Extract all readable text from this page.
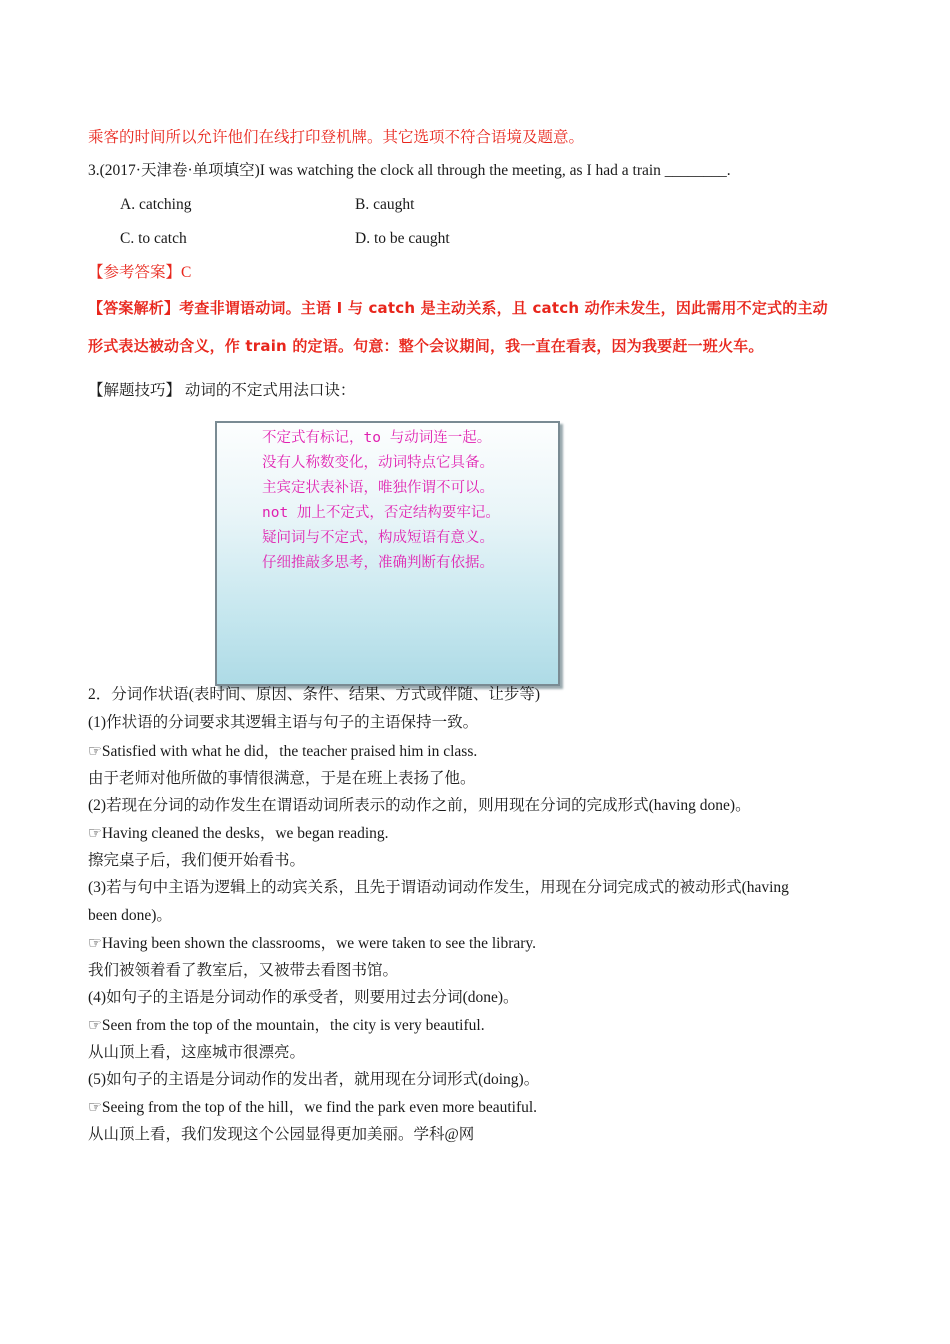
乘客的时间所以允许他们在线打印登机牌。其它选项不符合语境及题意。
3.(2017·天津卷·单项填空)I was watching the clock all through the meeting, as I had a train ________.
A. catching	B. caught
C. to catch	D. to be caught
【参考答案】C
【答案解析】考查非谓语动词。主语 I 与 catch 是主动关系，且 catch 动作未发生，因此需用不定式的主动
形式表达被动含义，作 train 的定语。句意：整个会议期间，我一直在看表，因为我要赶一班火车。
【解题技巧】 动词的不定式用法口诀：
不定式有标记，to 与动词连一起。
没有人称数变化，动词特点它具备。
主宾定状表补语，唯独作谓不可以。
not 加上不定式，否定结构要牢记。
疑问词与不定式，构成短语有意义。
仔细推敲多思考，准确判断有依据。
2．分词作状语(表时间、原因、条件、结果、方式或伴随、让步等)
(1)作状语的分词要求其逻辑主语与句子的主语保持一致。
☞Satisfied with what he did，the teacher praised him in class.
由于老师对他所做的事情很满意，于是在班上表扬了他。
(2)若现在分词的动作发生在谓语动词所表示的动作之前，则用现在分词的完成形式(having done)。
☞Having cleaned the desks，we began reading.
擦完桌子后，我们便开始看书。
(3)若与句中主语为逻辑上的动宾关系，且先于谓语动词动作发生，用现在分词完成式的被动形式(having
been done)。
☞Having been shown the classrooms，we were taken to see the library.
我们被领着看了教室后，又被带去看图书馆。
(4)如句子的主语是分词动作的承受者，则要用过去分词(done)。
☞Seen from the top of the mountain，the city is very beautiful.
从山顶上看，这座城市很漂亮。
(5)如句子的主语是分词动作的发出者，就用现在分词形式(doing)。
☞Seeing from the top of the hill，we find the park even more beautiful.
从山顶上看，我们发现这个公园显得更加美丽。学科@网
